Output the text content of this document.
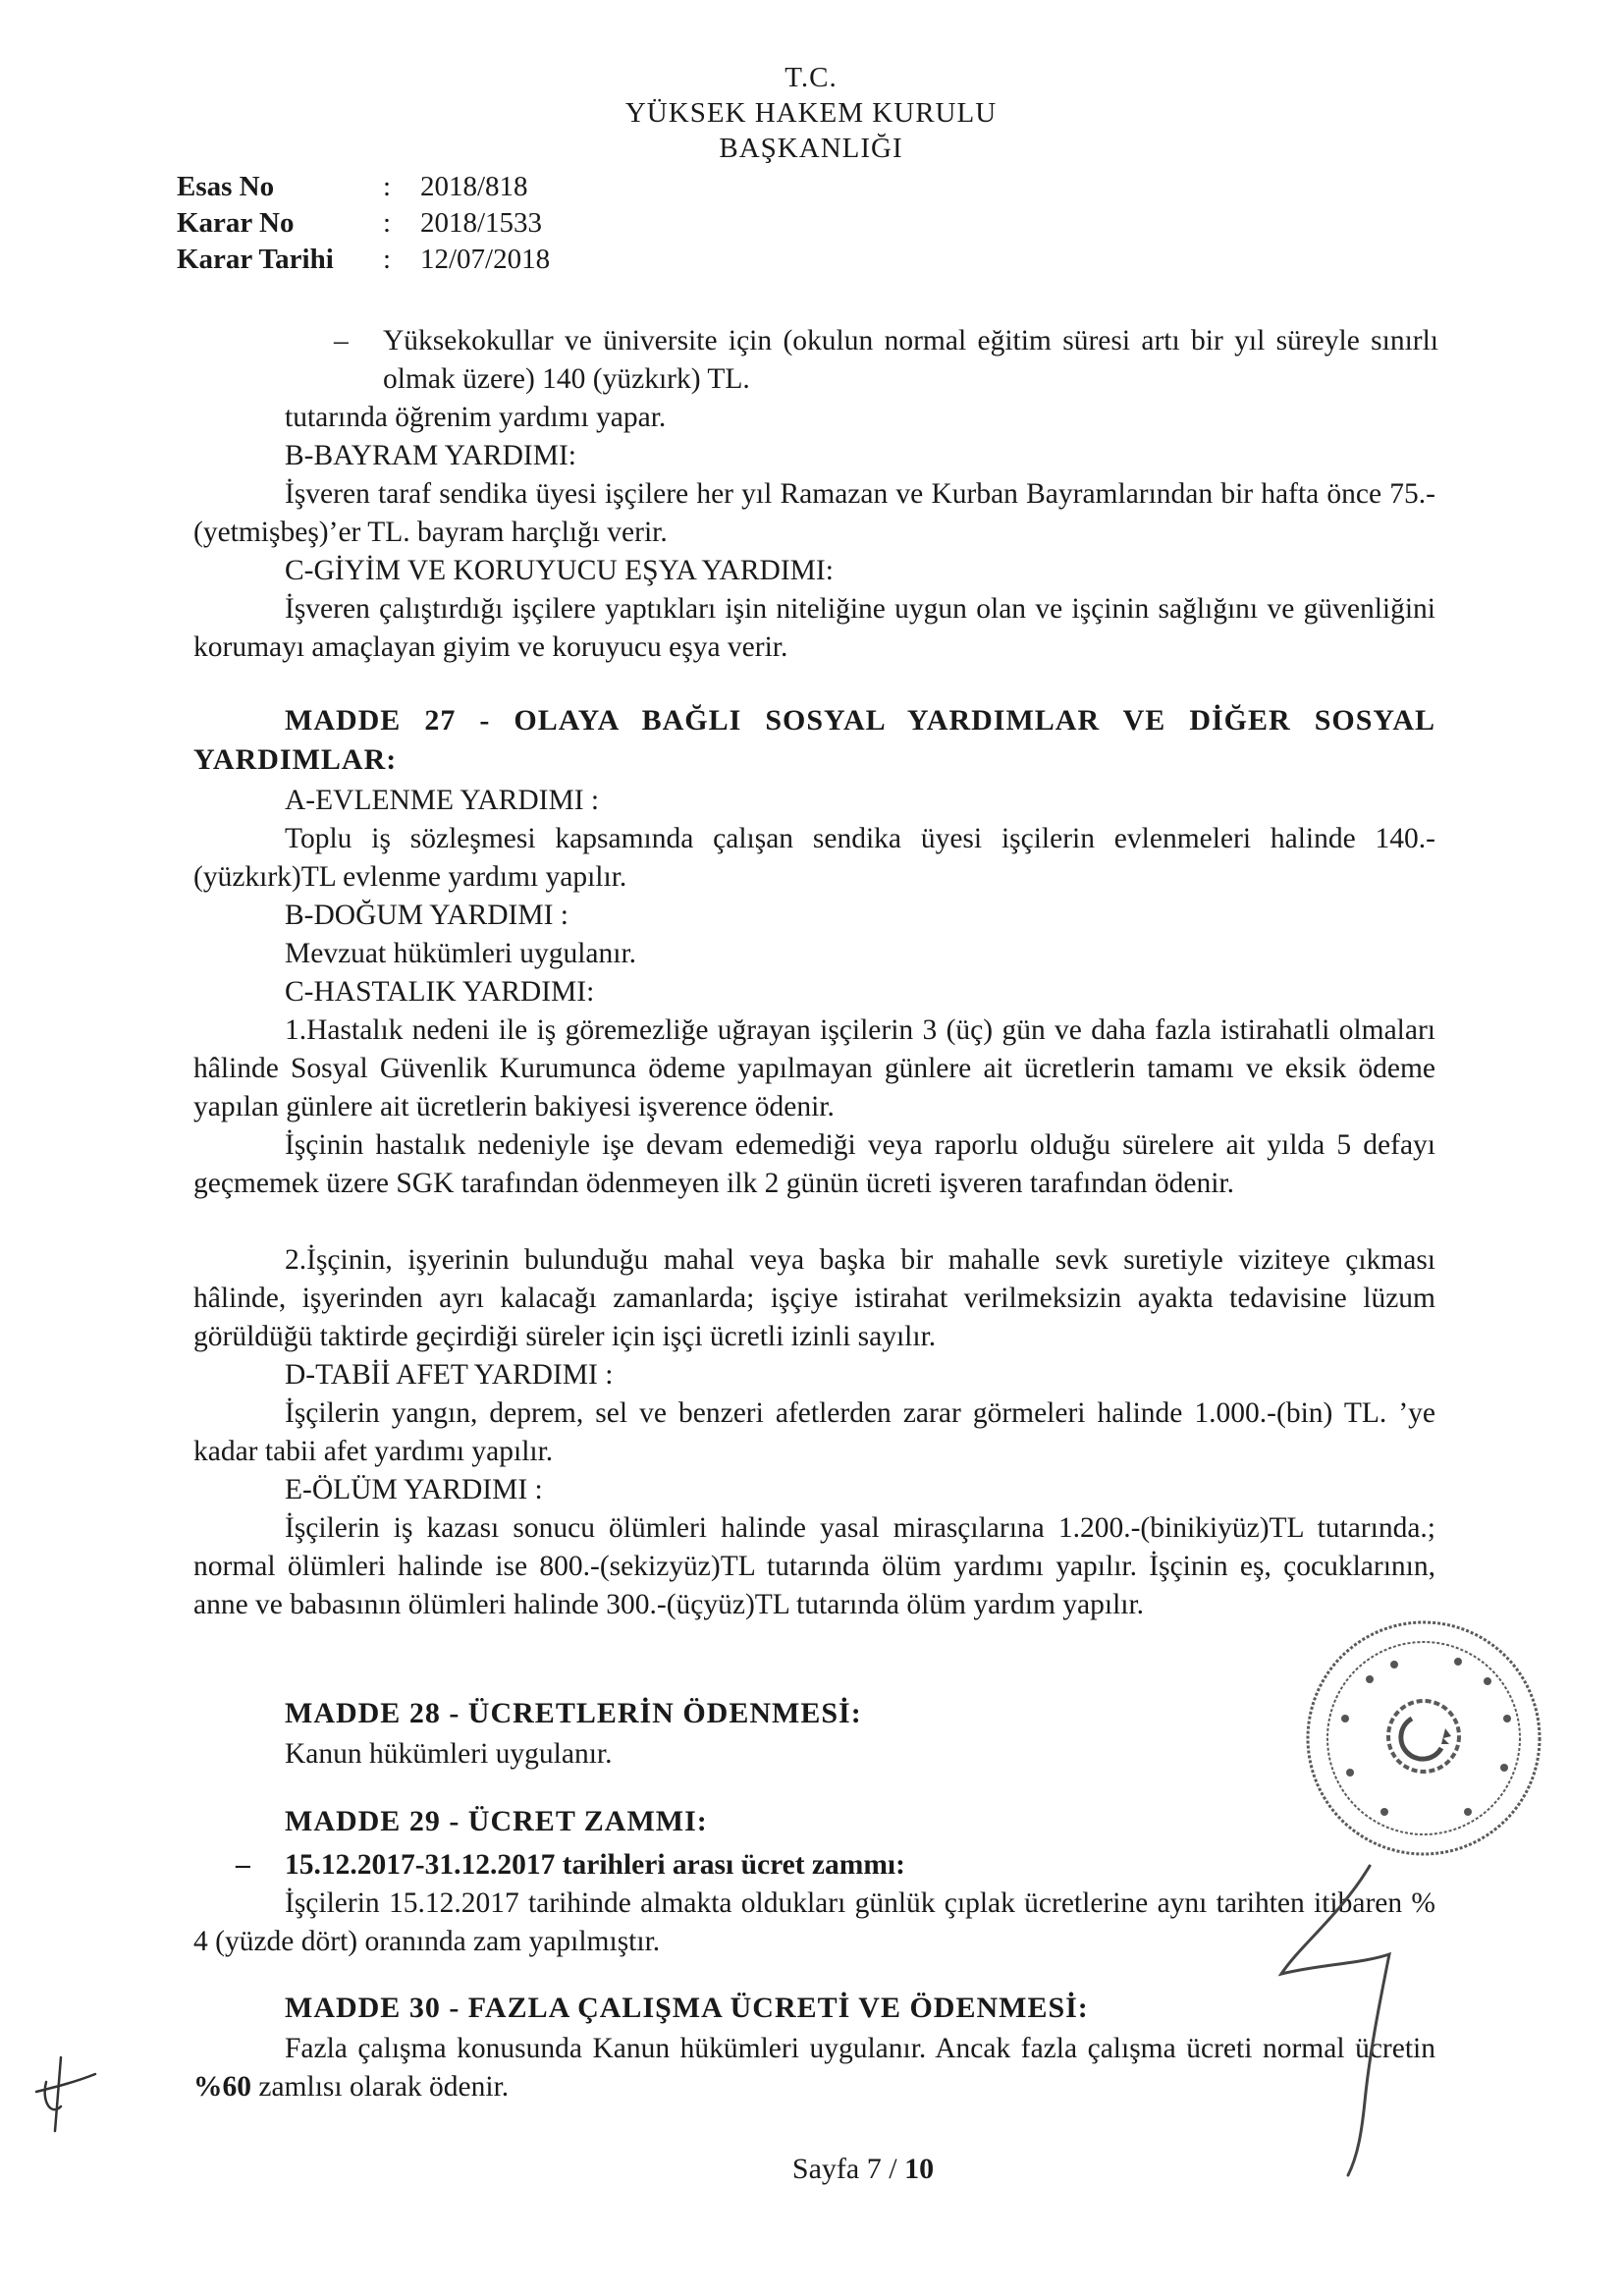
T.C.
YÜKSEK HAKEM KURULU
BAŞKANLIĞI
Esas No	: 2018/818
Karar No	: 2018/1533
Karar Tarihi : 12/07/2018
– Yüksekokullar ve üniversite için (okulun normal eğitim süresi artı bir yıl süreyle sınırlı olmak üzere) 140 (yüzkırk) TL.
tutarında öğrenim yardımı yapar.
B-BAYRAM YARDIMI:
İşveren taraf sendika üyesi işçilere her yıl Ramazan ve Kurban Bayramlarından bir hafta önce 75.-(yetmişbeş)’er TL. bayram harçlığı verir.
C-GİYİM VE KORUYUCU EŞYA YARDIMI:
İşveren çalıştırdığı işçilere yaptıkları işin niteliğine uygun olan ve işçinin sağlığını ve güvenliğini korumayı amaçlayan giyim ve koruyucu eşya verir.
MADDE 27 - OLAYA BAĞLI SOSYAL YARDIMLAR VE DİĞER SOSYAL YARDIMLAR:
A-EVLENME YARDIMI :
Toplu iş sözleşmesi kapsamında çalışan sendika üyesi işçilerin evlenmeleri halinde 140.-(yüzkırk)TL evlenme yardımı yapılır.
B-DOĞUM YARDIMI :
Mevzuat hükümleri uygulanır.
C-HASTALIK YARDIMI:
1.Hastalık nedeni ile iş göremezliğe uğrayan işçilerin 3 (üç) gün ve daha fazla istirahatli olmaları hâlinde Sosyal Güvenlik Kurumunca ödeme yapılmayan günlere ait ücretlerin tamamı ve eksik ödeme yapılan günlere ait ücretlerin bakiyesi işverence ödenir.
İşçinin hastalık nedeniyle işe devam edemediği veya raporlu olduğu sürelere ait yılda 5 defayı geçmemek üzere SGK tarafından ödenmeyen ilk 2 günün ücreti işveren tarafından ödenir.
2.İşçinin, işyerinin bulunduğu mahal veya başka bir mahalle sevk suretiyle viziteye çıkması hâlinde, işyerinden ayrı kalacağı zamanlarda; işçiye istirahat verilmeksizin ayakta tedavisine lüzum görüldüğü taktirde geçirdiği süreler için işçi ücretli izinli sayılır.
D-TABİİ AFET YARDIMI :
İşçilerin yangın, deprem, sel ve benzeri afetlerden zarar görmeleri halinde 1.000.-(bin) TL. ’ye kadar tabii afet yardımı yapılır.
E-ÖLÜM YARDIMI :
İşçilerin iş kazası sonucu ölümleri halinde yasal mirasçılarına 1.200.-(binikiyüz)TL tutarında.; normal ölümleri halinde ise 800.-(sekizyüz)TL tutarında ölüm yardımı yapılır. İşçinin eş, çocuklarının, anne ve babasının ölümleri halinde 300.-(üçyüz)TL tutarında ölüm yardım yapılır.
MADDE 28 - ÜCRETLERİN ÖDENMESİ:
Kanun hükümleri uygulanır.
MADDE 29 - ÜCRET ZAMMI:
– 15.12.2017-31.12.2017 tarihleri arası ücret zammı:
İşçilerin 15.12.2017 tarihinde almakta oldukları günlük çıplak ücretlerine aynı tarihten itibaren % 4 (yüzde dört) oranında zam yapılmıştır.
MADDE 30 - FAZLA ÇALIŞMA ÜCRETİ VE ÖDENMESİ:
Fazla çalışma konusunda Kanun hükümleri uygulanır. Ancak fazla çalışma ücreti normal ücretin %60 zamlısı olarak ödenir.
Sayfa 7 / 10
